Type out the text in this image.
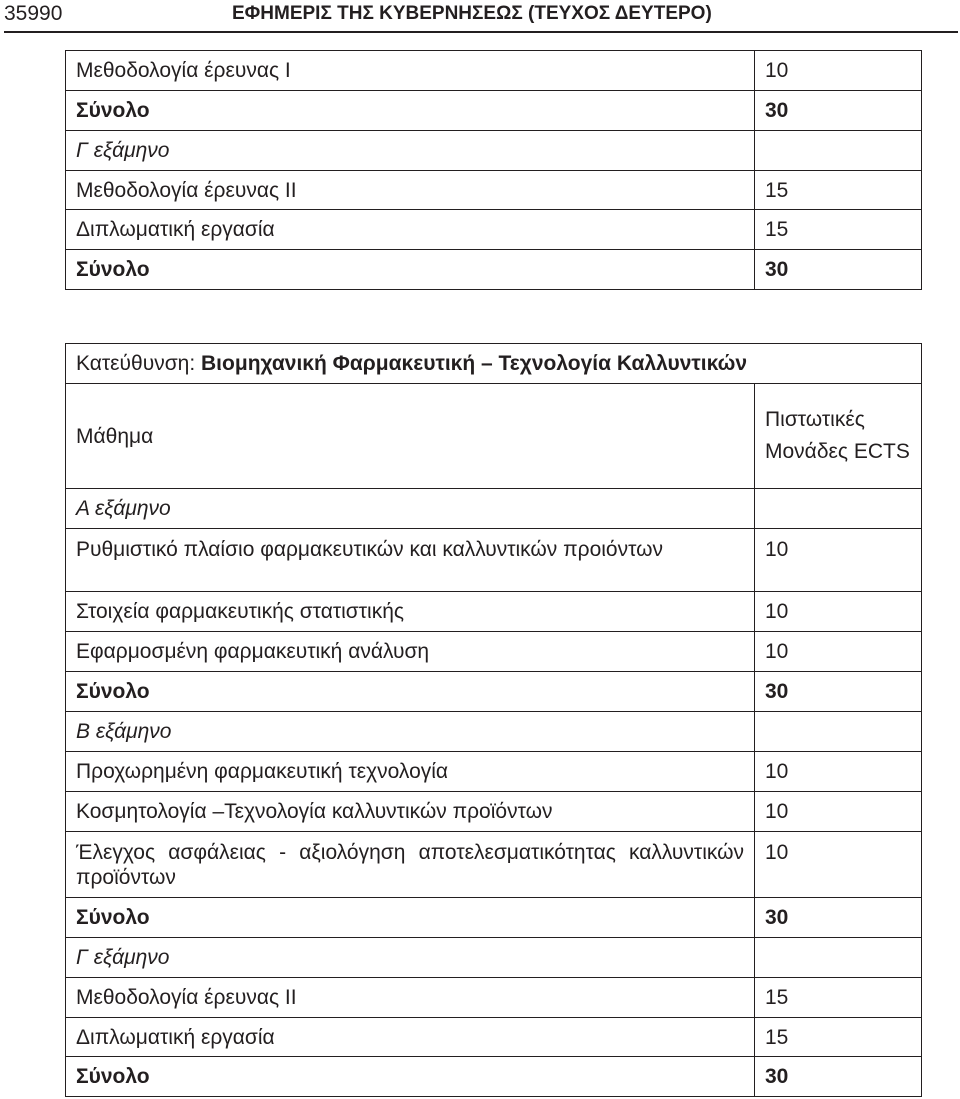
35990	ΕΦΗΜΕΡΙΣ ΤΗΣ ΚΥΒΕΡΝΗΣΕΩΣ (ΤΕΥΧΟΣ ΔΕΥΤΕΡΟ)
Μεθοδολογία έρευνας Ι	10
Σύνολο	30
Γ εξάμηνο	
Μεθοδολογία έρευνας ΙΙ	15
Διπλωματική εργασία	15
Σύνολο	30
Κατεύθυνση: Βιομηχανική Φαρμακευτική – Τεχνολογία Καλλυντικών	
Μάθημα	Πιστωτικές Μονάδες ECTS
Α εξάμηνο	
Ρυθμιστικό πλαίσιο φαρμακευτικών και καλλυντικών προιόντων	10
Στοιχεία φαρμακευτικής στατιστικής	10
Εφαρμοσμένη φαρμακευτική ανάλυση	10
Σύνολο	30
Β εξάμηνο	
Προχωρημένη φαρμακευτική τεχνολογία	10
Κοσμητολογία –Τεχνολογία καλλυντικών προϊόντων	10
Έλεγχος ασφάλειας - αξιολόγηση αποτελεσματικότητας καλλυντικών προϊόντων	10
Σύνολο	30
Γ εξάμηνο	
Μεθοδολογία έρευνας ΙΙ	15
Διπλωματική εργασία	15
Σύνολο	30
